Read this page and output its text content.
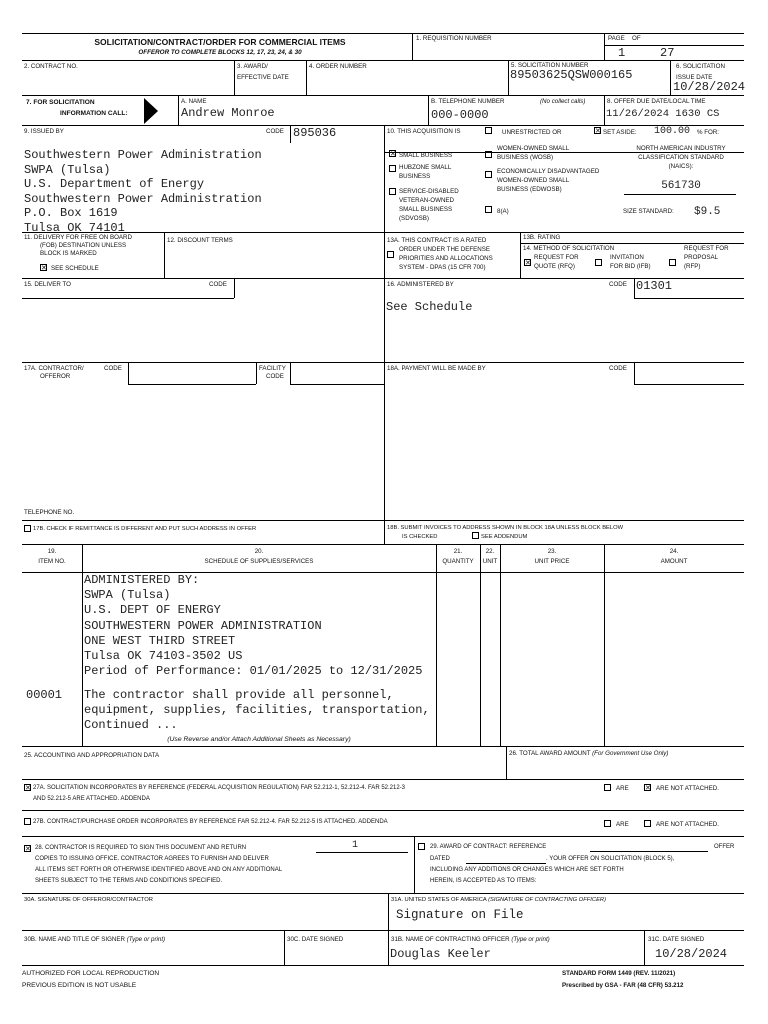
SOLICITATION/CONTRACT/ORDER FOR COMMERCIAL ITEMS
OFFEROR TO COMPLETE BLOCKS 12, 17, 23, 24, & 30
1. REQUISITION NUMBER	PAGE OF
1	27
2. CONTRACT NO.	3. AWARD/
EFFECTIVE DATE
4. ORDER NUMBER	5. SOLICITATION NUMBER
89503625QSW000165
6. SOLICITATION
ISSUE DATE
10/28/2024
7. FOR SOLICITATION
INFORMATION CALL:
A. NAME
Andrew Monroe
B. TELEPHONE NUMBER	(No collect calls)
000-0000
8. OFFER DUE DATE/LOCAL TIME
11/26/2024 1630 CS
9. ISSUED BY	CODE 895036
Southwestern Power Administration
SWPA (Tulsa)
U.S. Department of Energy
Southwestern Power Administration
P.O. Box 1619
Tulsa OK 74101
10. THIS ACQUISITION IS	UNRESTRICTED OR	✕ SET ASIDE: 100.00 % FOR:
✕ SMALL BUSINESS
WOMEN-OWNED SMALL
BUSINESS (WOSB)
HUBZONE SMALL
BUSINESS
ECONOMICALLY DISADVANTAGED
WOMEN-OWNED SMALL
BUSINESS (EDWOSB)
SERVICE-DISABLED
VETERAN-OWNED
SMALL BUSINESS
(SDVOSB)
8(A)
NORTH AMERICAN INDUSTRY
CLASSIFICATION STANDARD
(NAICS):
561730
SIZE STANDARD: $9.5
11. DELIVERY FOR FREE ON BOARD
(FOB) DESTINATION UNLESS
BLOCK IS MARKED
✕ SEE SCHEDULE
12. DISCOUNT TERMS	13A. THIS CONTRACT IS A RATED
ORDER UNDER THE DEFENSE
PRIORITIES AND ALLOCATIONS
SYSTEM - DPAS (15 CFR 700)
13B. RATING
14. METHOD OF SOLICITATION
✕
REQUEST FOR
QUOTE (RFQ)
INVITATION
FOR BID (IFB)
REQUEST FOR
PROPOSAL
(RFP)
15. DELIVER TO	CODE	16. ADMINISTERED BY	CODE 01301
See Schedule
17A. CONTRACTOR/
OFFEROR
CODE	FACILITY
CODE
18A. PAYMENT WILL BE MADE BY	CODE
TELEPHONE NO.
17B. CHECK IF REMITTANCE IS DIFFERENT AND PUT SUCH ADDRESS IN OFFER	18B. SUBMIT INVOICES TO ADDRESS SHOWN IN BLOCK 18A UNLESS BLOCK BELOW
IS CHECKED	SEE ADDENDUM
19.
ITEM NO.
20.
SCHEDULE OF SUPPLIES/SERVICES
21.
QUANTITY
22.
UNIT
23.
UNIT PRICE
24.
AMOUNT
ADMINISTERED BY:
SWPA (Tulsa)
U.S. DEPT OF ENERGY
SOUTHWESTERN POWER ADMINISTRATION
ONE WEST THIRD STREET
Tulsa OK 74103-3502 US
Period of Performance: 01/01/2025 to 12/31/2025
00001 The contractor shall provide all personnel,
equipment, supplies, facilities, transportation,
Continued ...
(Use Reverse and/or Attach Additional Sheets as Necessary)
25. ACCOUNTING AND APPROPRIATION DATA	26. TOTAL AWARD AMOUNT (For Government Use Only)
✕ 27A. SOLICITATION INCORPORATES BY REFERENCE (FEDERAL ACQUISITION REGULATION) FAR 52.212-1, 52.212-4. FAR 52.212-3
AND 52.212-5 ARE ATTACHED. ADDENDA
ARE ✕ ARE NOT ATTACHED.
27B. CONTRACT/PURCHASE ORDER INCORPORATES BY REFERENCE FAR 52.212-4. FAR 52.212-5 IS ATTACHED. ADDENDA	ARE	ARE NOT ATTACHED.
✕ 28. CONTRACTOR IS REQUIRED TO SIGN THIS DOCUMENT AND RETURN	1
COPIES TO ISSUING OFFICE. CONTRACTOR AGREES TO FURNISH AND DELIVER
ALL ITEMS SET FORTH OR OTHERWISE IDENTIFIED ABOVE AND ON ANY ADDITIONAL
SHEETS SUBJECT TO THE TERMS AND CONDITIONS SPECIFIED.
29. AWARD OF CONTRACT: REFERENCE	OFFER
DATED	. YOUR OFFER ON SOLICITATION (BLOCK 5),
INCLUDING ANY ADDITIONS OR CHANGES WHICH ARE SET FORTH
HEREIN, IS ACCEPTED AS TO ITEMS:
30A. SIGNATURE OF OFFEROR/CONTRACTOR	31A. UNITED STATES OF AMERICA (SIGNATURE OF CONTRACTING OFFICER)
Signature on File
30B. NAME AND TITLE OF SIGNER (Type or print)	30C. DATE SIGNED	31B. NAME OF CONTRACTING OFFICER (Type or print)
Douglas Keeler
31C. DATE SIGNED
10/28/2024
AUTHORIZED FOR LOCAL REPRODUCTION
PREVIOUS EDITION IS NOT USABLE
STANDARD FORM 1449 (REV. 11/2021)
Prescribed by GSA - FAR (48 CFR) 53.212
